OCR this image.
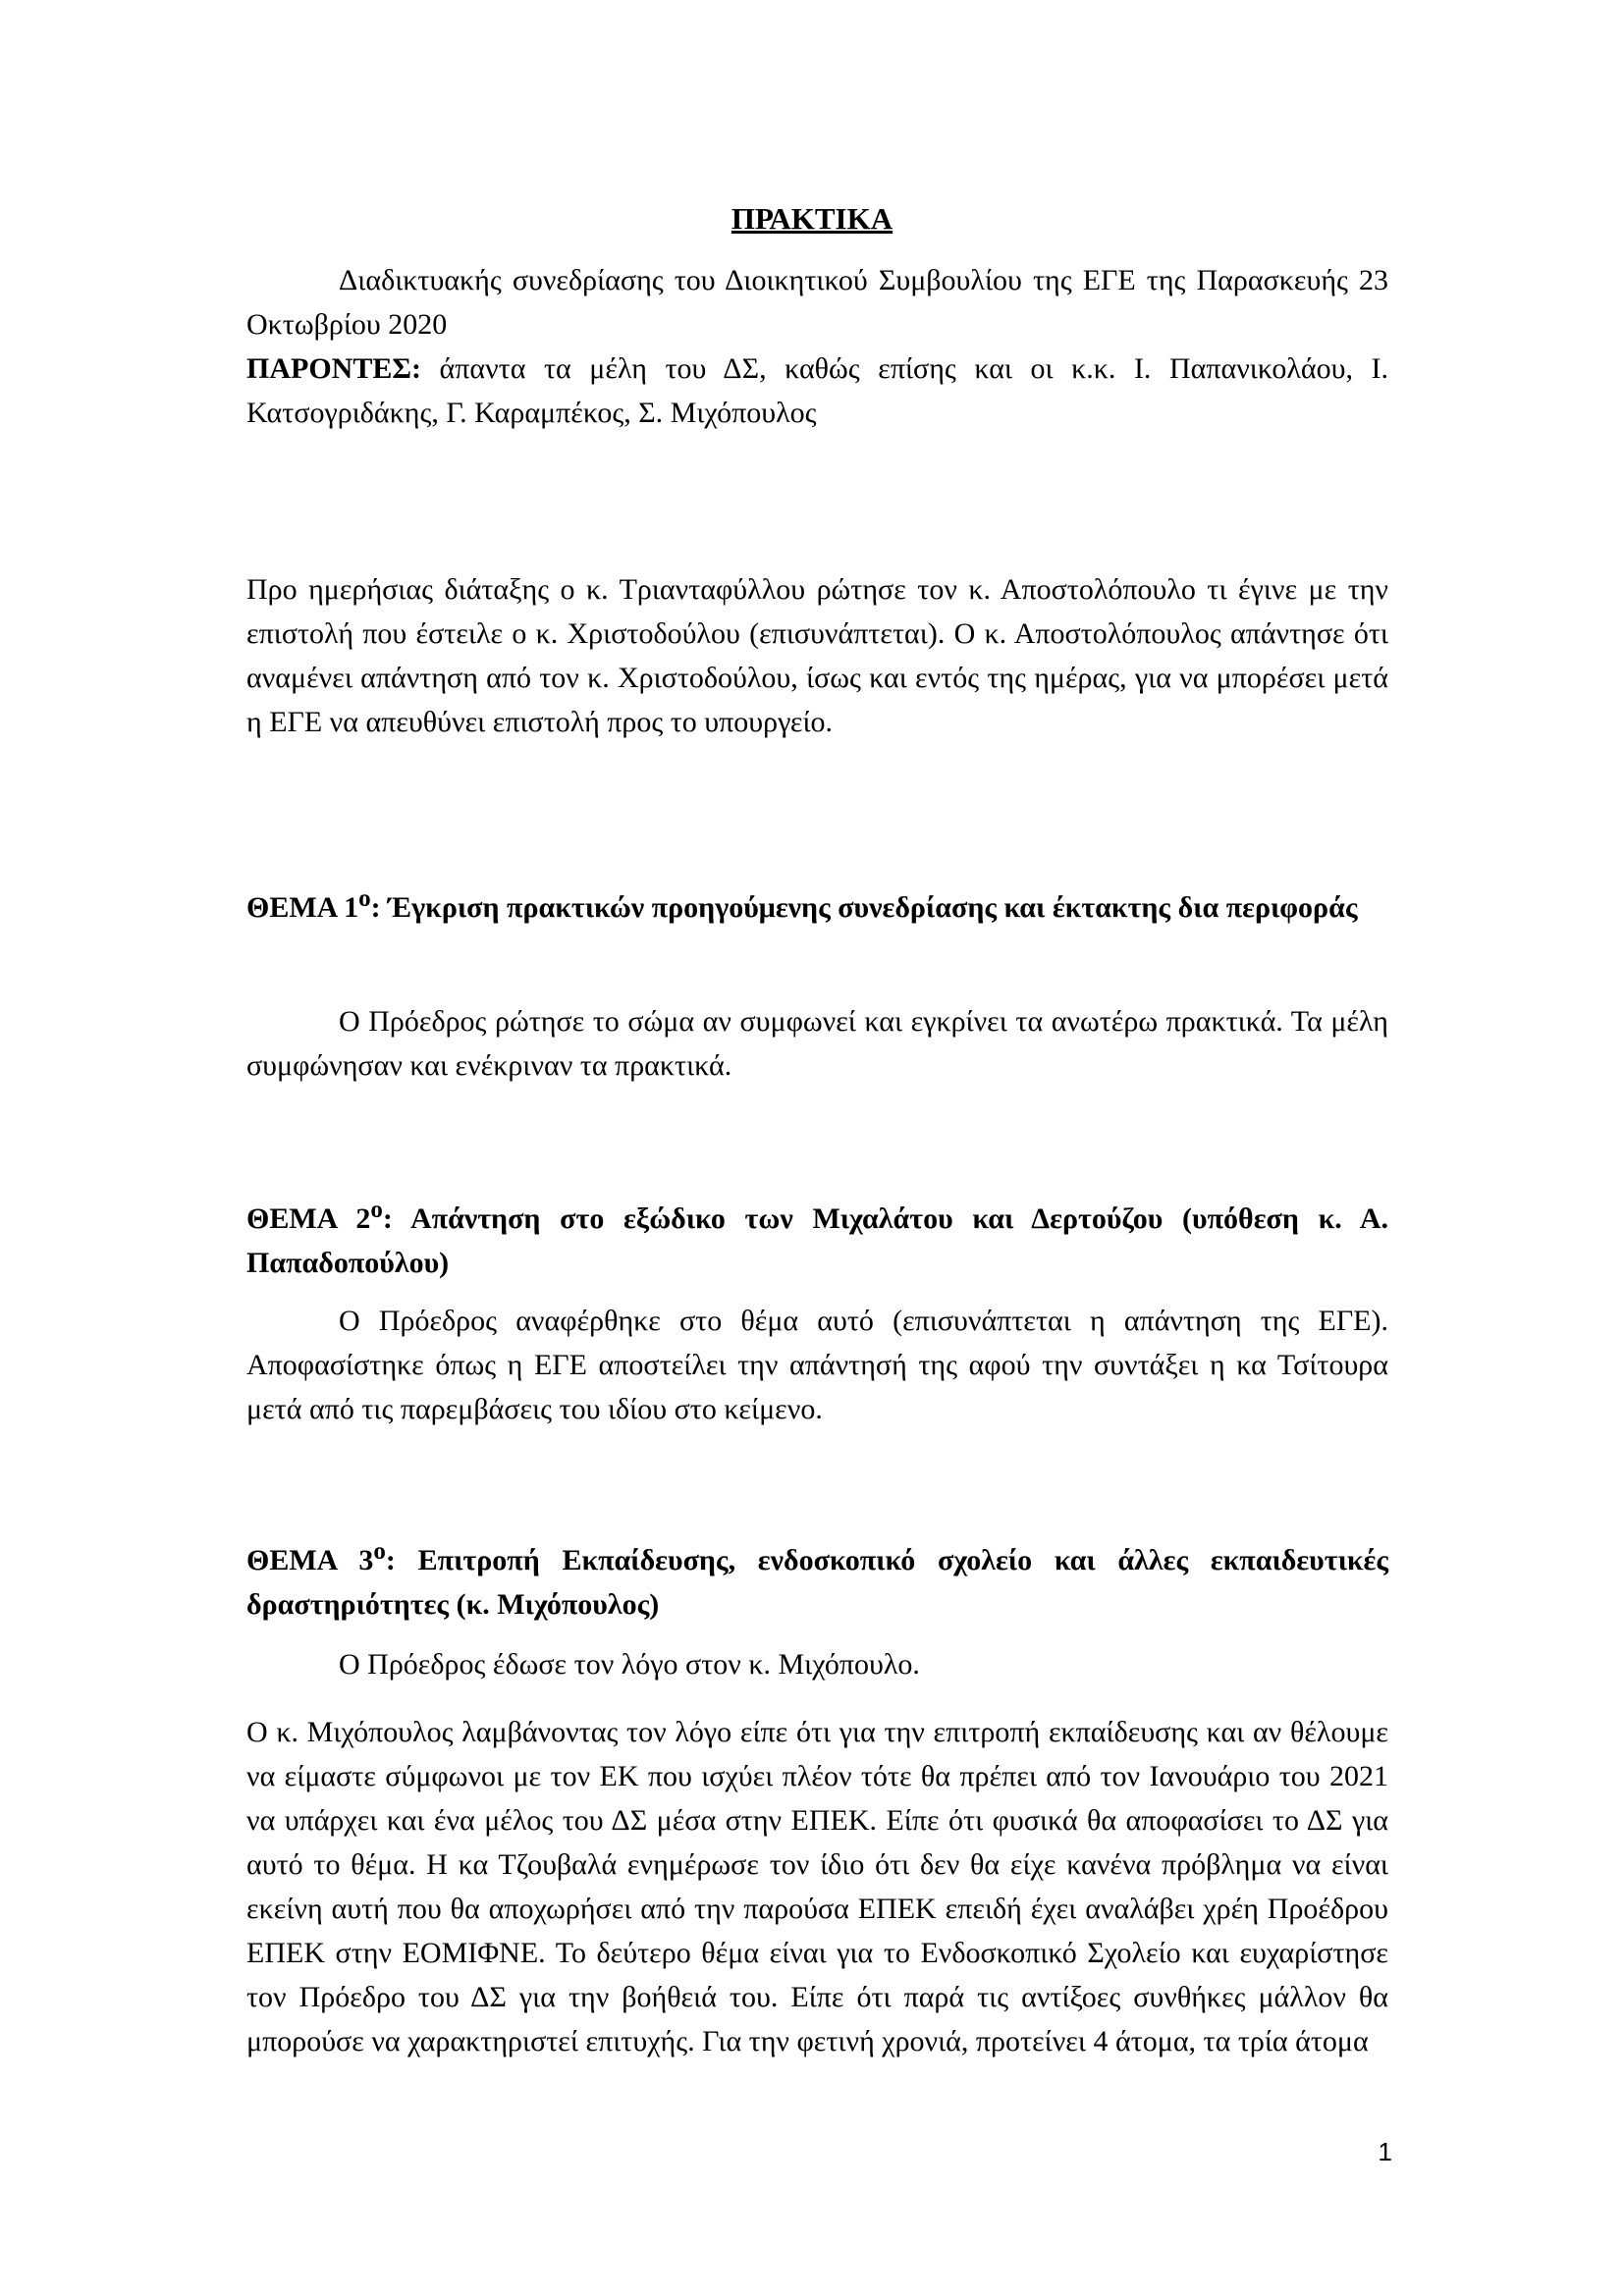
ΠΡΑΚΤΙΚΑ

Διαδικτυακής συνεδρίασης του Διοικητικού Συμβουλίου της ΕΓΕ της Παρασκευής 23 Οκτωβρίου 2020

ΠΑΡΟΝΤΕΣ: άπαντα τα μέλη του ΔΣ, καθώς επίσης και οι κ.κ. Ι. Παπανικολάου, Ι. Κατσογριδάκης, Γ. Καραμπέκος, Σ. Μιχόπουλος

Προ ημερήσιας διάταξης ο κ. Τριανταφύλλου ρώτησε τον κ. Αποστολόπουλο τι έγινε με την επιστολή που έστειλε ο κ. Χριστοδούλου (επισυνάπτεται). Ο κ. Αποστολόπουλος απάντησε ότι αναμένει απάντηση από τον κ. Χριστοδούλου, ίσως και εντός της ημέρας, για να μπορέσει μετά η ΕΓΕ να απευθύνει επιστολή προς το υπουργείο.

ΘΕΜΑ $1^o$: Έγκριση πρακτικών προηγούμενης συνεδρίασης και έκτακτης δια περιφοράς

Ο Πρόεδρος ρώτησε το σώμα αν συμφωνεί και εγκρίνει τα ανωτέρω πρακτικά. Τα μέλη συμφώνησαν και ενέκριναν τα πρακτικά.

ΘΕΜΑ $2^o$: Απάντηση στο εξώδικο των Μιχαλάτου και Δερτούζου (υπόθεση κ. Α. Παπαδοπούλου)

Ο Πρόεδρος αναφέρθηκε στο θέμα αυτό (επισυνάπτεται η απάντηση της ΕΓΕ). Αποφασίστηκε όπως η ΕΓΕ αποστείλει την απάντησή της αφού την συντάξει η κα Τσίτουρα μετά από τις παρεμβάσεις του ιδίου στο κείμενο.

ΘΕΜΑ $3^o$: Επιτροπή Εκπαίδευσης, ενδοσκοπικό σχολείο και άλλες εκπαιδευτικές δραστηριότητες (κ. Μιχόπουλος)

Ο Πρόεδρος έδωσε τον λόγο στον κ. Μιχόπουλο.

Ο κ. Μιχόπουλος λαμβάνοντας τον λόγο είπε ότι για την επιτροπή εκπαίδευσης και αν θέλουμε να είμαστε σύμφωνοι με τον ΕΚ που ισχύει πλέον τότε θα πρέπει από τον Ιανουάριο του 2021 να υπάρχει και ένα μέλος του ΔΣ μέσα στην ΕΠΕΚ. Είπε ότι φυσικά θα αποφασίσει το ΔΣ για αυτό το θέμα. Η κα Τζουβαλά ενημέρωσε τον ίδιο ότι δεν θα είχε κανένα πρόβλημα να είναι εκείνη αυτή που θα αποχωρήσει από την παρούσα ΕΠΕΚ επειδή έχει αναλάβει χρέη Προέδρου ΕΠΕΚ στην ΕΟΜΙΦΝΕ. Το δεύτερο θέμα είναι για το Ενδοσκοπικό Σχολείο και ευχαρίστησε τον Πρόεδρο του ΔΣ για την βοήθειά του. Είπε ότι παρά τις αντίξοες συνθήκες μάλλον θα μπορούσε να χαρακτηριστεί επιτυχής. Για την φετινή χρονιά, προτείνει 4 άτομα, τα τρία άτομα

1
